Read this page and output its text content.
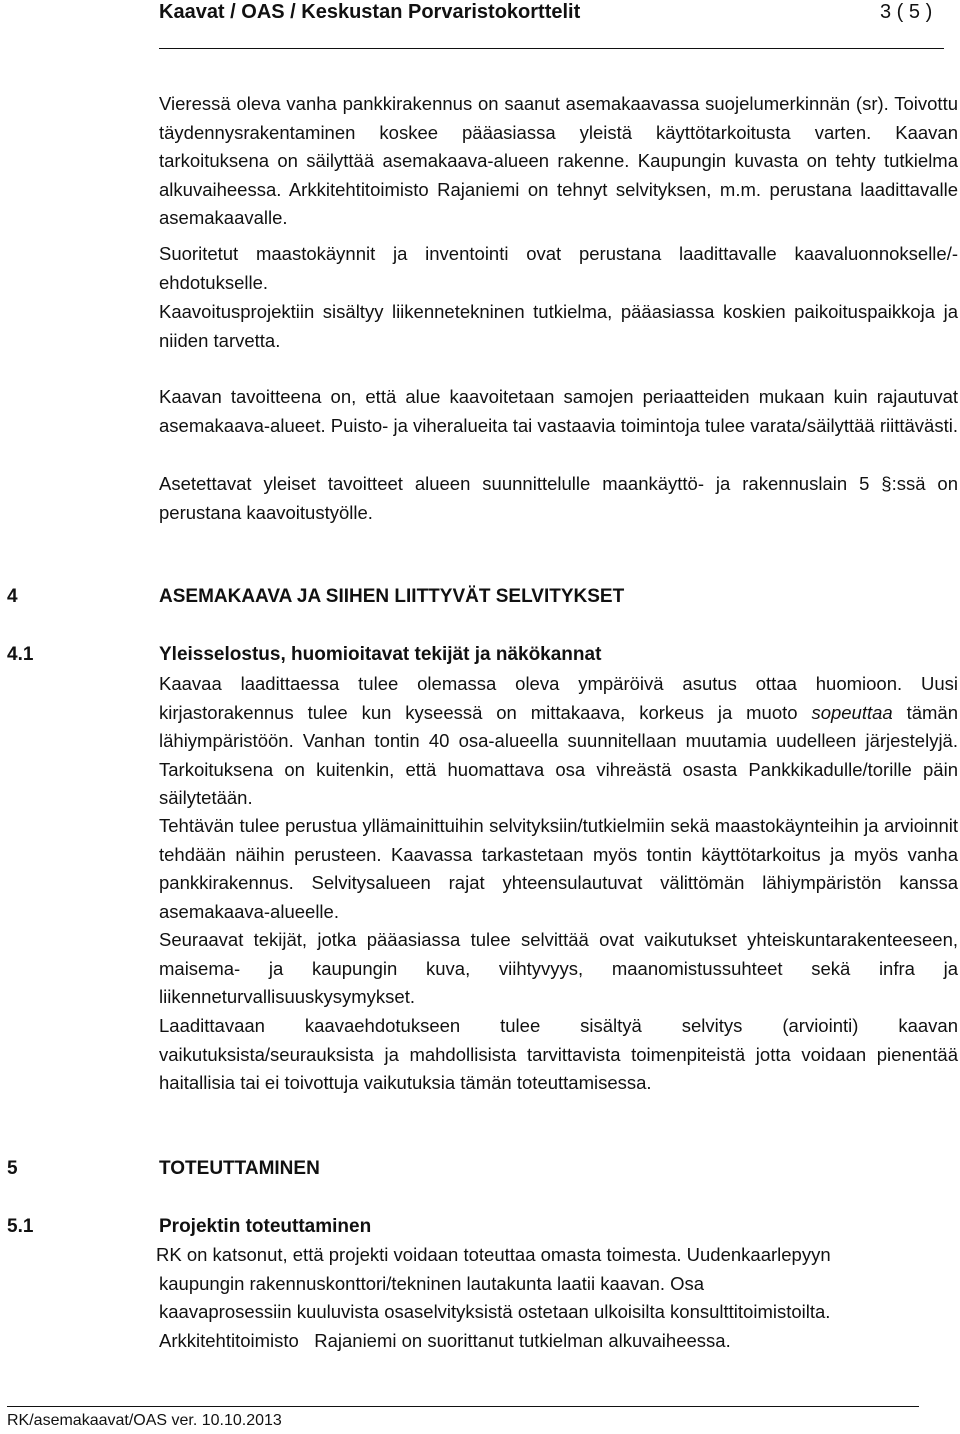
Kaavat / OAS / Keskustan Porvaristokorttelit	3 ( 5 )
Vieressä oleva vanha pankkirakennus on saanut asemakaavassa suojelumerkinnän (sr). Toivottu täydennysrakentaminen koskee pääasiassa yleistä käyttötarkoitusta varten. Kaavan tarkoituksena on säilyttää asemakaava-alueen rakenne. Kaupungin kuvasta on tehty tutkielma alkuvaiheessa. Arkkitehtitoimisto Rajaniemi on tehnyt selvityksen, m.m. perustana laadittavalle asemakaavalle.
Suoritetut maastokäynnit ja inventointi ovat perustana laadittavalle kaavaluonnokselle/-ehdotukselle.
Kaavoitusprojektiin sisältyy liikennetekninen tutkielma, pääasiassa koskien paikoituspaikkoja ja niiden tarvetta.
Kaavan tavoitteena on, että alue kaavoitetaan samojen periaatteiden mukaan kuin rajautuvat asemakaava-alueet. Puisto- ja viheralueita tai vastaavia toimintoja tulee varata/säilyttää riittävästi.
Asetettavat yleiset tavoitteet alueen suunnittelulle maankäyttö- ja rakennuslain 5 §:ssä on perustana kaavoitustyölle.
4	ASEMAKAAVA JA SIIHEN LIITTYVÄT SELVITYKSET
4.1	Yleisselostus, huomioitavat tekijät ja näkökannat
Kaavaa laadittaessa tulee olemassa oleva ympäröivä asutus ottaa huomioon. Uusi kirjastorakennus tulee kun kyseessä on mittakaava, korkeus ja muoto sopeuttaa tämän lähiympäristöön. Vanhan tontin 40 osa-alueella suunnitellaan muutamia uudelleen järjestelyjä. Tarkoituksena on kuitenkin, että huomattava osa vihreästä osasta Pankkikadulle/torille päin säilytetään.
Tehtävän tulee perustua yllämainittuihin selvityksiin/tutkielmiin sekä maastokäynteihin ja arvioinnit tehdään näihin perusteen. Kaavassa tarkastetaan myös tontin käyttötarkoitus ja myös vanha pankkirakennus. Selvitysalueen rajat yhteensulautuvat välittömän lähiympäristön kanssa asemakaava-alueelle.
Seuraavat tekijät, jotka pääasiassa tulee selvittää ovat vaikutukset yhteiskuntarakenteeseen, maisema- ja kaupungin kuva, viihtyvyys, maanomistussuhteet sekä infra ja liikenneturvallisuuskysymykset.
Laadittavaan kaavaehdotukseen tulee sisältyä selvitys (arviointi) kaavan vaikutuksista/seurauksista ja mahdollisista tarvittavista toimenpiteistä jotta voidaan pienentää haitallisia tai ei toivottuja vaikutuksia tämän toteuttamisessa.
5	TOTEUTTAMINEN
5.1	Projektin toteuttaminen
RK on katsonut, että projekti voidaan toteuttaa omasta toimesta. Uudenkaarlepyyn
kaupungin rakennuskonttori/tekninen lautakunta laatii kaavan. Osa
kaavaprosessiin kuuluvista osaselvityksistä ostetaan ulkoisilta konsulttitoimistoilta.
Arkkitehtitoimisto   Rajaniemi on suorittanut tutkielman alkuvaiheessa.
RK/asemakaavat/OAS ver. 10.10.2013
